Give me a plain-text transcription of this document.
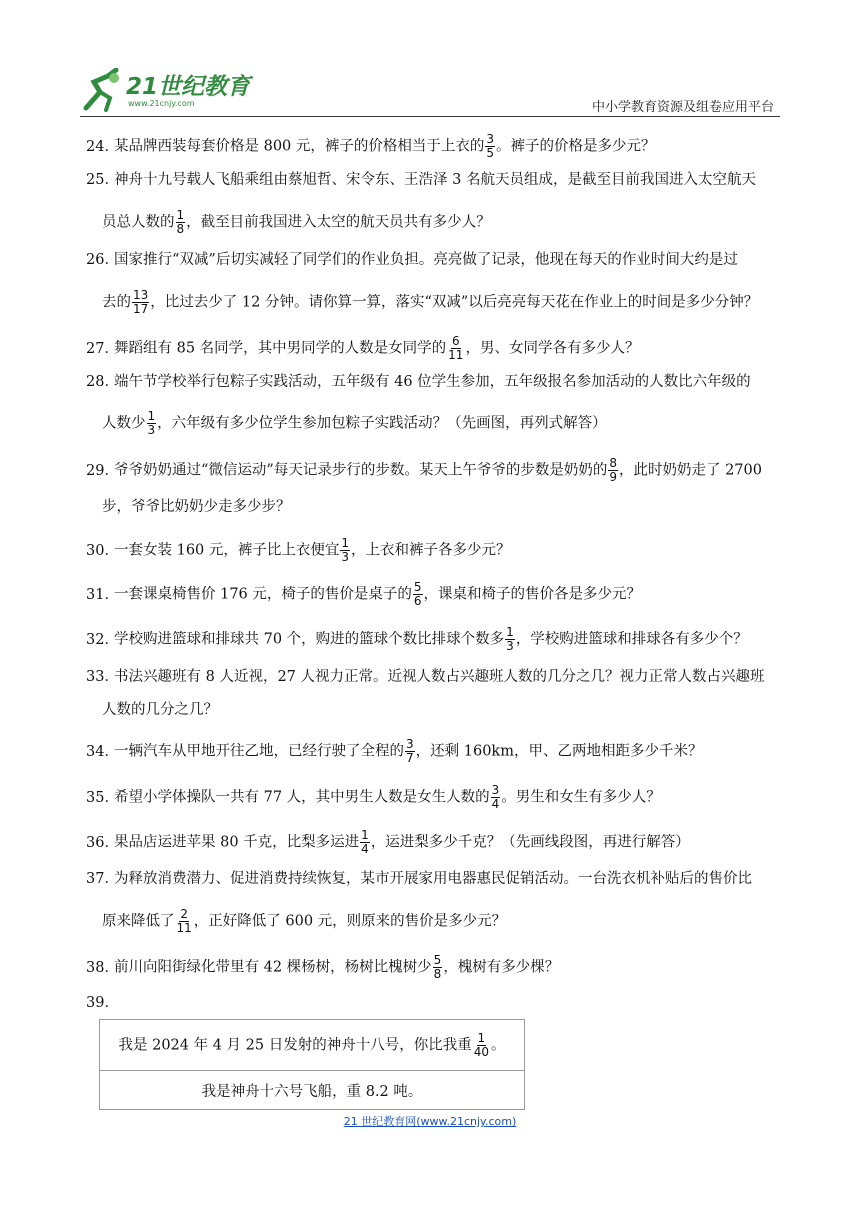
21世纪教育
www.21cnjy.com	中小学教育资源及组卷应用平台
24．某品牌西装每套价格是 800 元，裤子的价格相当于上衣的 $\frac{3}{5}$ 。裤子的价格是多少元？
25．神舟十九号载人飞船乘组由蔡旭哲、宋令东、王浩泽 3 名航天员组成，是截至目前我国进入太空航天
员总人数的 $\frac{1}{8}$ ，截至目前我国进入太空的航天员共有多少人？
26．国家推行“双减”后切实减轻了同学们的作业负担。亮亮做了记录，他现在每天的作业时间大约是过
去的 $\frac{13}{17}$ ，比过去少了 12 分钟。请你算一算，落实“双减”以后亮亮每天花在作业上的时间是多少分钟？
27．舞蹈组有 85 名同学，其中男同学的人数是女同学的 $\frac{6}{11}$ ，男、女同学各有多少人？
28．端午节学校举行包粽子实践活动，五年级有 46 位学生参加，五年级报名参加活动的人数比六年级的
人数少 $\frac{1}{3}$ ，六年级有多少位学生参加包粽子实践活动？（先画图，再列式解答）
29．爷爷奶奶通过“微信运动”每天记录步行的步数。某天上午爷爷的步数是奶奶的 $\frac{8}{9}$ ，此时奶奶走了 2700
步，爷爷比奶奶少走多少步？
30．一套女装 160 元，裤子比上衣便宜 $\frac{1}{3}$ ，上衣和裤子各多少元？
31．一套课桌椅售价 176 元，椅子的售价是桌子的 $\frac{5}{6}$ ，课桌和椅子的售价各是多少元？
32．学校购进篮球和排球共 70 个，购进的篮球个数比排球个数多 $\frac{1}{3}$ ，学校购进篮球和排球各有多少个？
33．书法兴趣班有 8 人近视，27 人视力正常。近视人数占兴趣班人数的几分之几？视力正常人数占兴趣班
人数的几分之几？
34．一辆汽车从甲地开往乙地，已经行驶了全程的 $\frac{3}{7}$ ，还剩 160km，甲、乙两地相距多少千米？
35．希望小学体操队一共有 77 人，其中男生人数是女生人数的 $\frac{3}{4}$ 。男生和女生有多少人？
36．果品店运进苹果 80 千克，比梨多运进 $\frac{1}{4}$ ，运进梨多少千克？（先画线段图，再进行解答）
37．为释放消费潜力、促进消费持续恢复，某市开展家用电器惠民促销活动。一台洗衣机补贴后的售价比
原来降低了 $\frac{2}{11}$ ，正好降低了 600 元，则原来的售价是多少元？
38．前川向阳街绿化带里有 42 棵杨树，杨树比槐树少 $\frac{5}{8}$ ，槐树有多少棵？
39．
我是 2024 年 4 月 25 日发射的神舟十八号，你比我重 $\frac{1}{40}$ 。
我是神舟十六号飞船，重 8.2 吨。
21 世纪教育网(www.21cnjy.com)
